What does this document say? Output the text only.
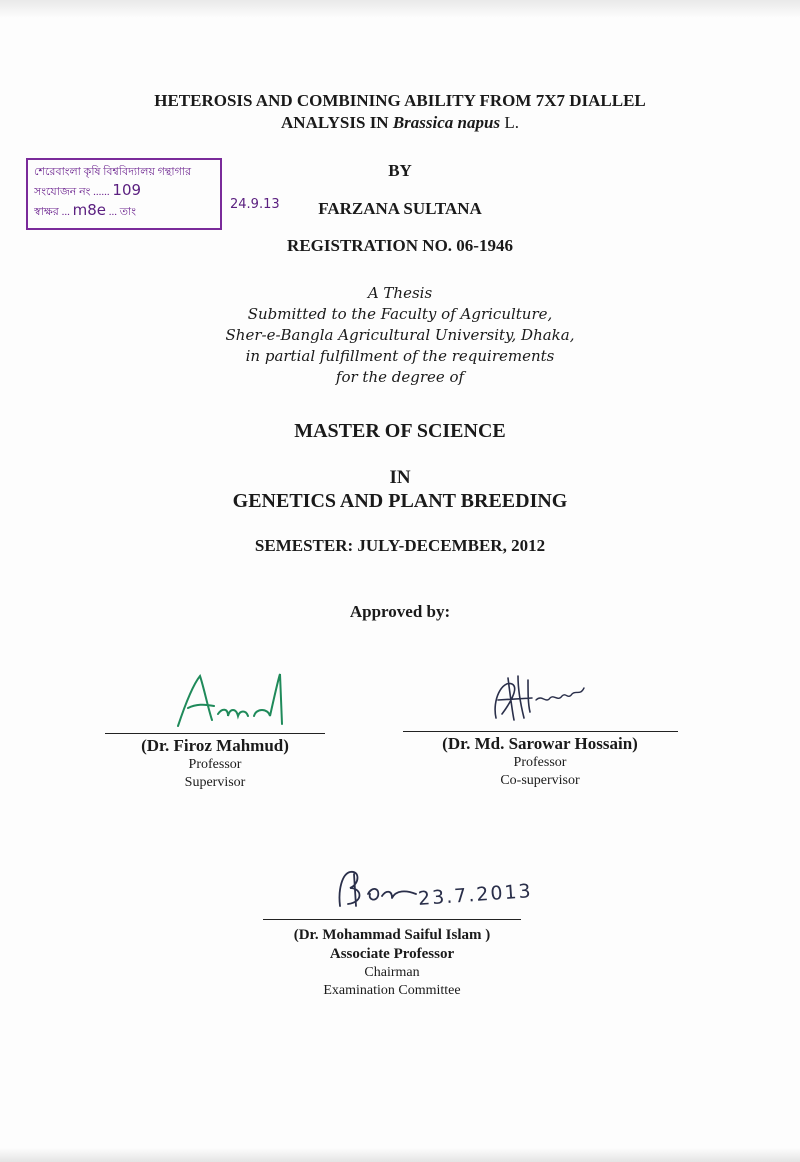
শেরেবাংলা কৃষি বিশ্ববিদ্যালয় গন্থাগার
সংযোজন নং ...... 109
স্বাক্ষর ... m8e ... তাং	24.9.13
HETEROSIS AND COMBINING ABILITY FROM 7X7 DIALLEL
ANALYSIS IN Brassica napus L.
BY
FARZANA SULTANA
REGISTRATION NO. 06-1946
A Thesis
Submitted to the Faculty of Agriculture,
Sher-e-Bangla Agricultural University, Dhaka,
in partial fulfillment of the requirements
for the degree of
MASTER OF SCIENCE
IN
GENETICS AND PLANT BREEDING
SEMESTER: JULY-DECEMBER, 2012
Approved by:
(Dr. Firoz Mahmud)
Professor
Supervisor
(Dr. Md. Sarowar Hossain)
Professor
Co-supervisor
23.7.2013
(Dr. Mohammad Saiful Islam )
Associate Professor
Chairman
Examination Committee
